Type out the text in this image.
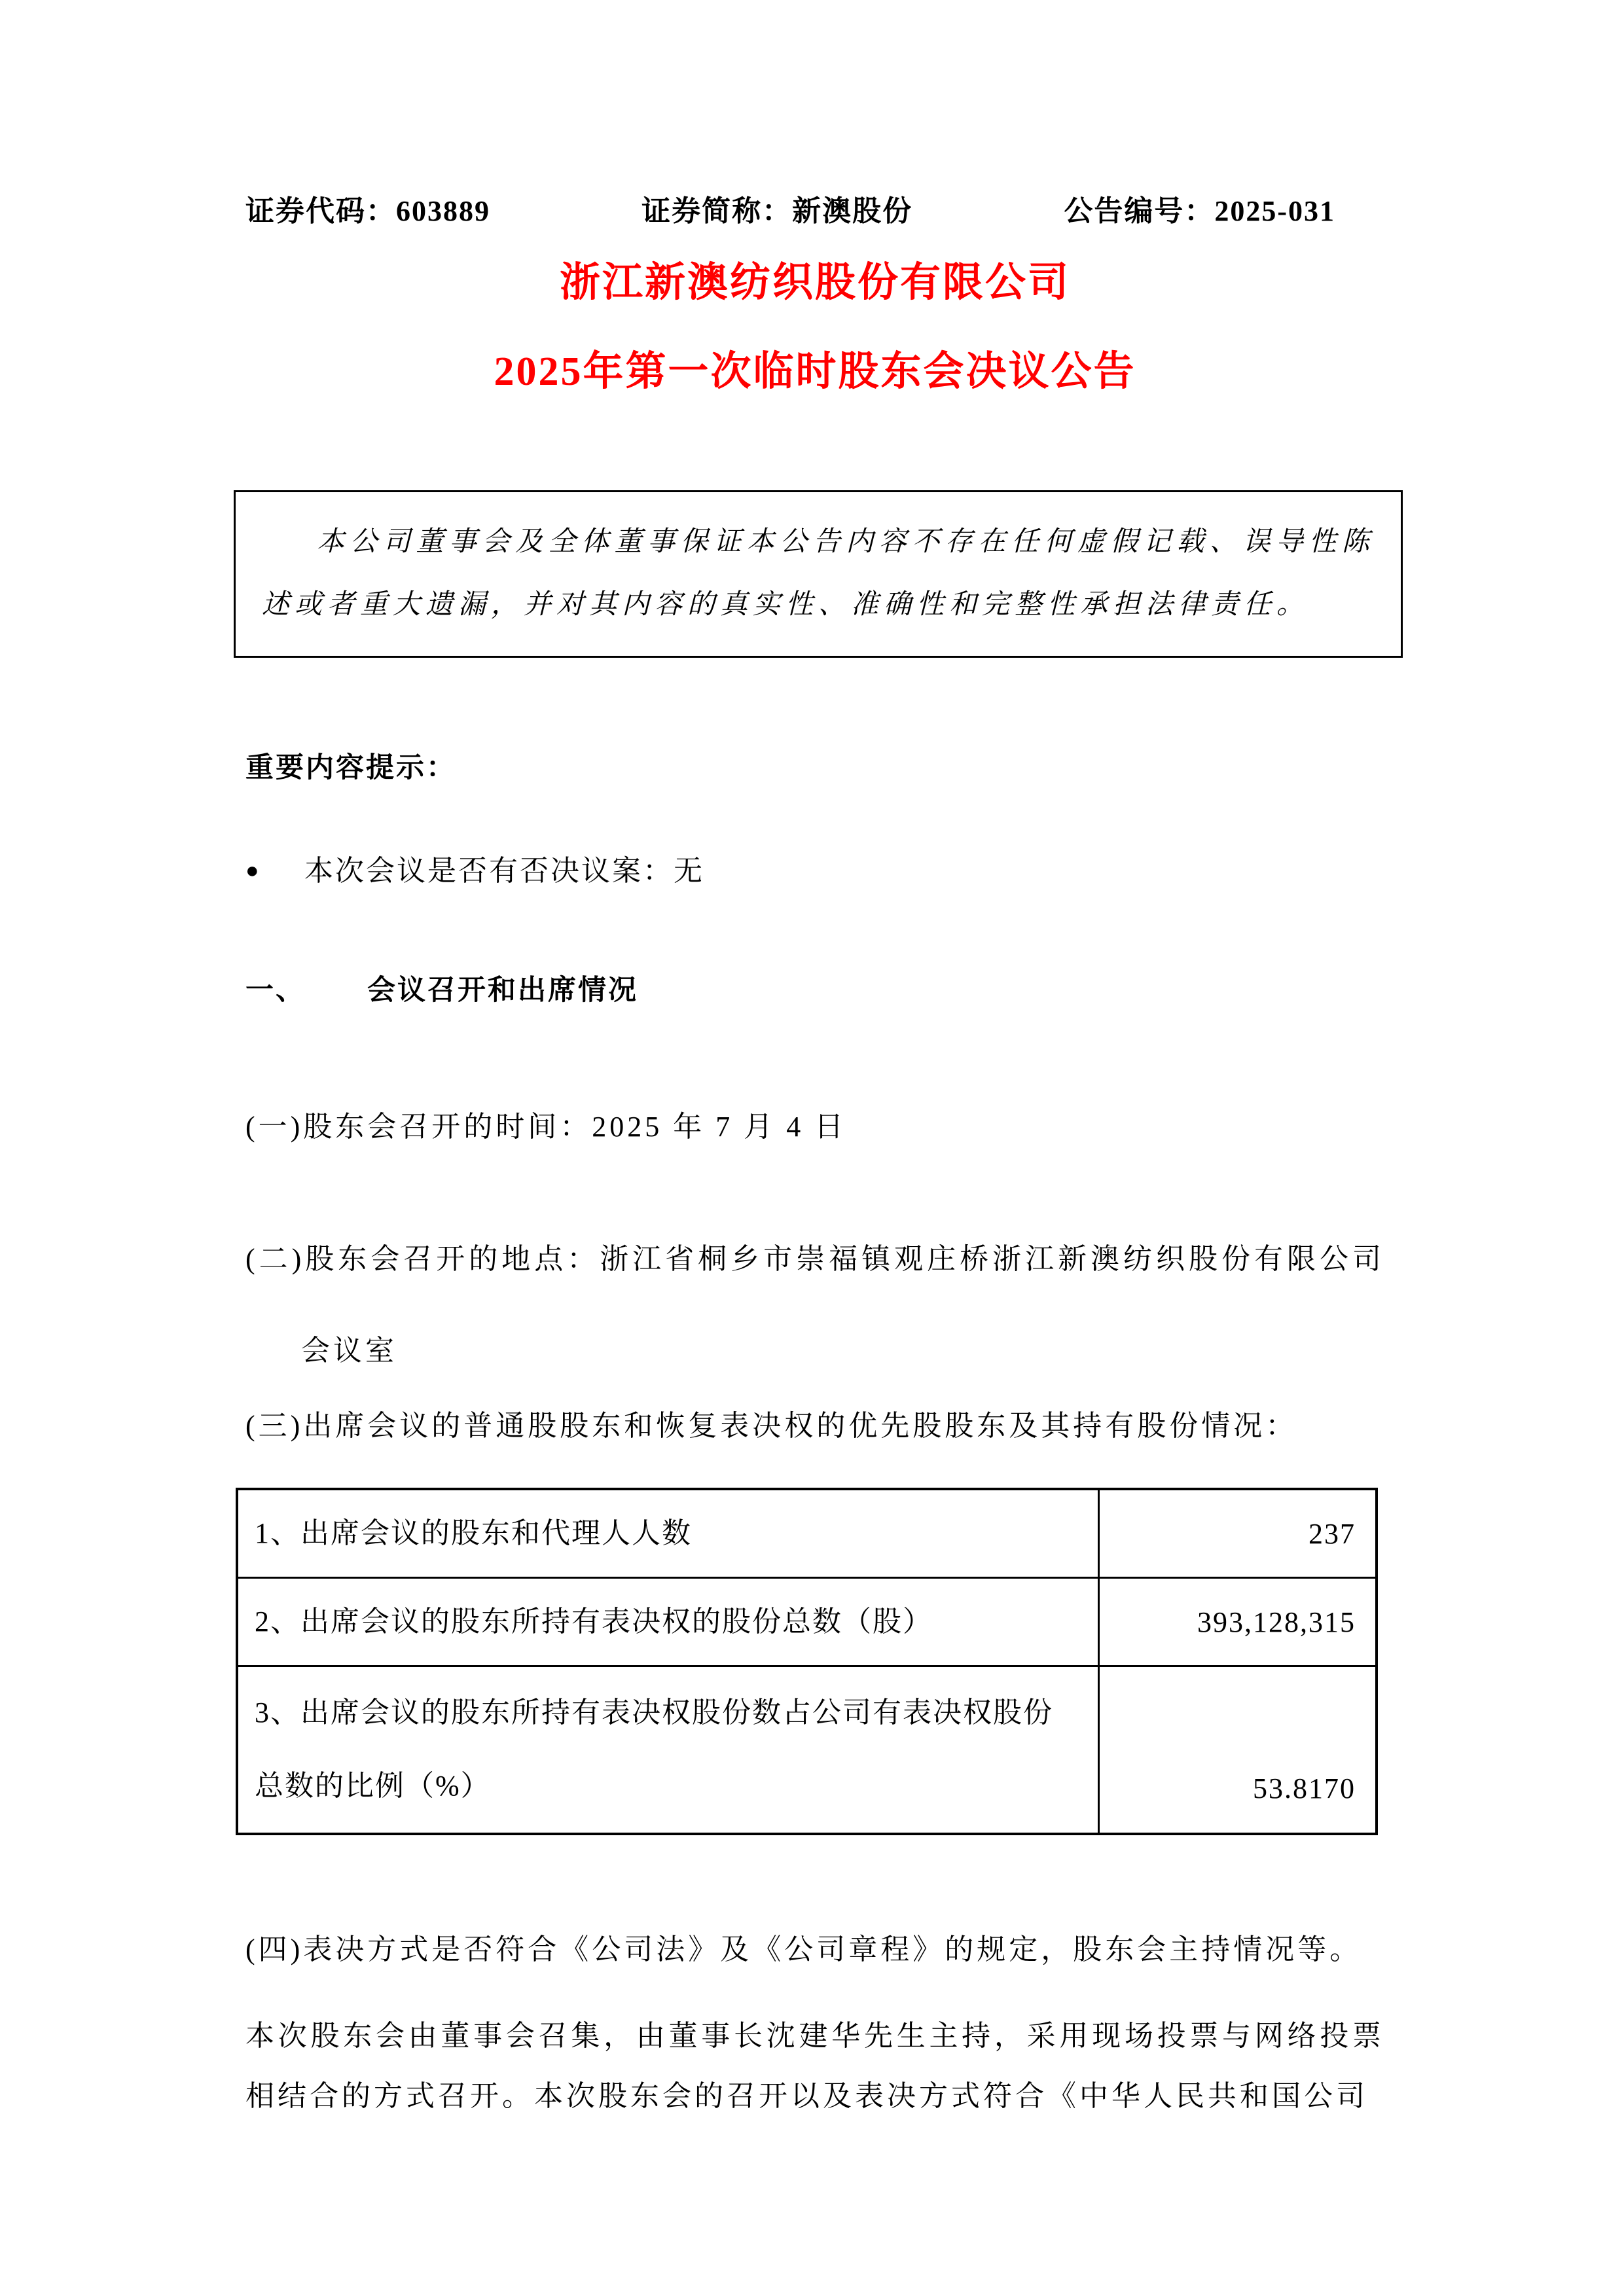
证券代码：603889	证券简称：新澳股份	公告编号：2025-031
浙江新澳纺织股份有限公司
2025年第一次临时股东会决议公告
本公司董事会及全体董事保证本公告内容不存在任何虚假记载、误导性陈述或者重大遗漏，并对其内容的真实性、准确性和完整性承担法律责任。
重要内容提示：
●	本次会议是否有否决议案：无
一、 会议召开和出席情况
(一)股东会召开的时间：2025 年 7 月 4 日
(二)股东会召开的地点：浙江省桐乡市崇福镇观庄桥浙江新澳纺织股份有限公司
会议室
(三)出席会议的普通股股东和恢复表决权的优先股股东及其持有股份情况：
1、出席会议的股东和代理人人数	237
2、出席会议的股东所持有表决权的股份总数（股）	393,128,315
3、出席会议的股东所持有表决权股份数占公司有表决权股份总数的比例（%）	53.8170
(四)表决方式是否符合《公司法》及《公司章程》的规定，股东会主持情况等。
本次股东会由董事会召集，由董事长沈建华先生主持，采用现场投票与网络投票相结合的方式召开。本次股东会的召开以及表决方式符合《中华人民共和国公司
